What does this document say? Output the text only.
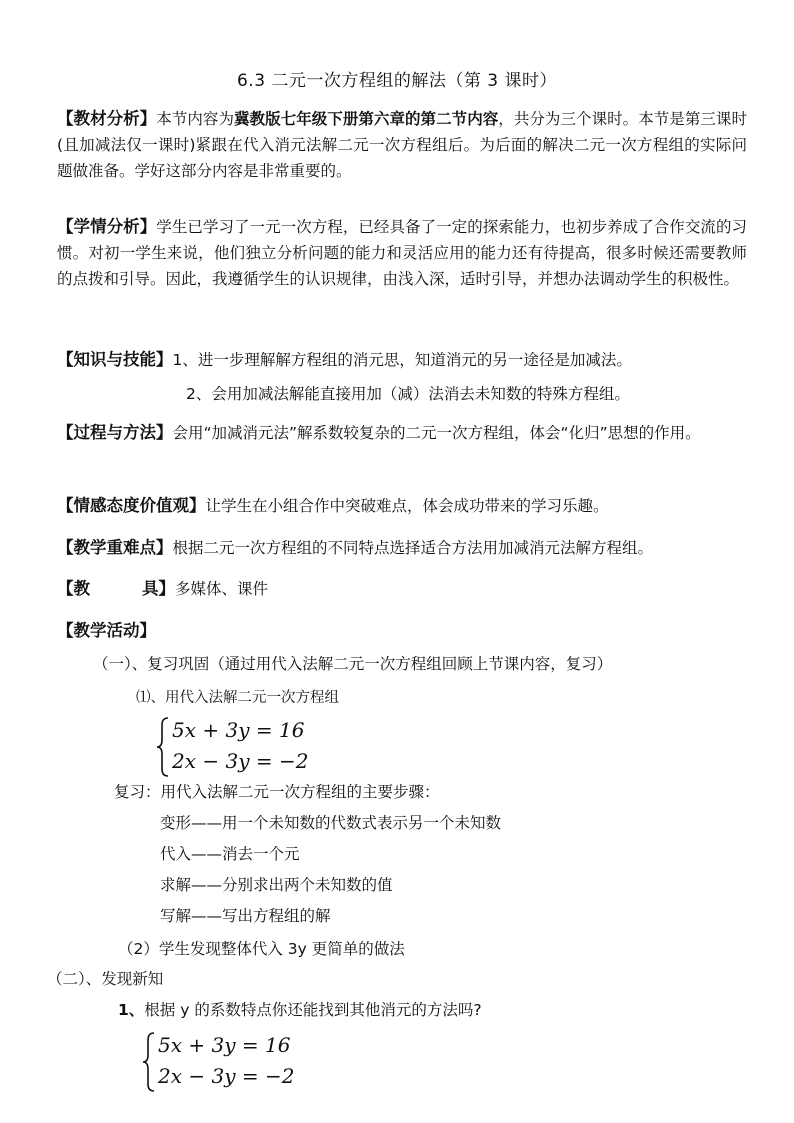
6.3 二元一次方程组的解法（第 3 课时）
【教材分析】本节内容为冀教版七年级下册第六章的第二节内容，共分为三个课时。本节是第三课时(且加减法仅一课时)紧跟在代入消元法解二元一次方程组后。为后面的解决二元一次方程组的实际问题做准备。学好这部分内容是非常重要的。
【学情分析】学生已学习了一元一次方程，已经具备了一定的探索能力，也初步养成了合作交流的习惯。对初一学生来说，他们独立分析问题的能力和灵活应用的能力还有待提高，很多时候还需要教师的点拨和引导。因此，我遵循学生的认识规律，由浅入深，适时引导，并想办法调动学生的积极性。
【知识与技能】1、进一步理解解方程组的消元思，知道消元的另一途径是加减法。
2、会用加减法解能直接用加（减）法消去未知数的特殊方程组。
【过程与方法】会用“加减消元法”解系数较复杂的二元一次方程组，体会“化归”思想的作用。
【情感态度价值观】让学生在小组合作中突破难点，体会成功带来的学习乐趣。
【教学重难点】根据二元一次方程组的不同特点选择适合方法用加减消元法解方程组。
【教	具】多媒体、课件
【教学活动】
（一）、复习巩固（通过用代入法解二元一次方程组回顾上节课内容，复习）
⑴、用代入法解二元一次方程组
5x + 3y = 16
2x − 3y = −2
复习：用代入法解二元一次方程组的主要步骤：
变形——用一个未知数的代数式表示另一个未知数
代入——消去一个元
求解——分别求出两个未知数的值
写解——写出方程组的解
（2）学生发现整体代入 3y 更简单的做法
（二）、发现新知
1、根据 y 的系数特点你还能找到其他消元的方法吗?
5x + 3y = 16
2x − 3y = −2
